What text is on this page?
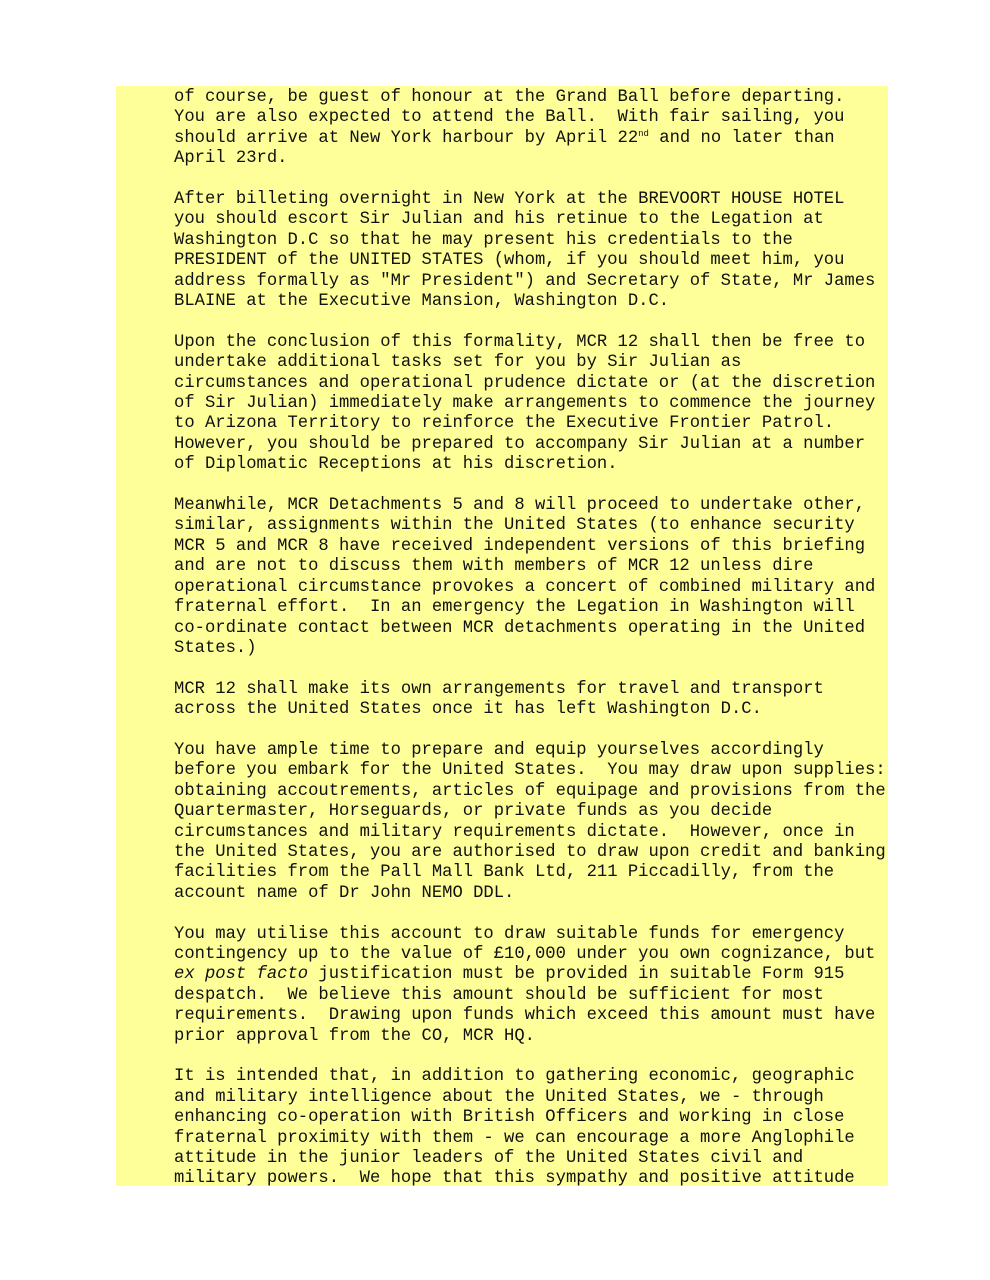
of course, be guest of honour at the Grand Ball before departing.
You are also expected to attend the Ball.  With fair sailing, you
should arrive at New York harbour by April 22nd and no later than
April 23rd.

After billeting overnight in New York at the BREVOORT HOUSE HOTEL
you should escort Sir Julian and his retinue to the Legation at
Washington D.C so that he may present his credentials to the
PRESIDENT of the UNITED STATES (whom, if you should meet him, you
address formally as "Mr President") and Secretary of State, Mr James
BLAINE at the Executive Mansion, Washington D.C.

Upon the conclusion of this formality, MCR 12 shall then be free to
undertake additional tasks set for you by Sir Julian as
circumstances and operational prudence dictate or (at the discretion
of Sir Julian) immediately make arrangements to commence the journey
to Arizona Territory to reinforce the Executive Frontier Patrol.
However, you should be prepared to accompany Sir Julian at a number
of Diplomatic Receptions at his discretion.

Meanwhile, MCR Detachments 5 and 8 will proceed to undertake other,
similar, assignments within the United States (to enhance security
MCR 5 and MCR 8 have received independent versions of this briefing
and are not to discuss them with members of MCR 12 unless dire
operational circumstance provokes a concert of combined military and
fraternal effort.  In an emergency the Legation in Washington will
co-ordinate contact between MCR detachments operating in the United
States.)

MCR 12 shall make its own arrangements for travel and transport
across the United States once it has left Washington D.C.

You have ample time to prepare and equip yourselves accordingly
before you embark for the United States.  You may draw upon supplies:
obtaining accoutrements, articles of equipage and provisions from the
Quartermaster, Horseguards, or private funds as you decide
circumstances and military requirements dictate.  However, once in
the United States, you are authorised to draw upon credit and banking
facilities from the Pall Mall Bank Ltd, 211 Piccadilly, from the
account name of Dr John NEMO DDL.

You may utilise this account to draw suitable funds for emergency
contingency up to the value of £10,000 under you own cognizance, but
ex post facto justification must be provided in suitable Form 915
despatch.  We believe this amount should be sufficient for most
requirements.  Drawing upon funds which exceed this amount must have
prior approval from the CO, MCR HQ.

It is intended that, in addition to gathering economic, geographic
and military intelligence about the United States, we - through
enhancing co-operation with British Officers and working in close
fraternal proximity with them - we can encourage a more Anglophile
attitude in the junior leaders of the United States civil and
military powers.  We hope that this sympathy and positive attitude
